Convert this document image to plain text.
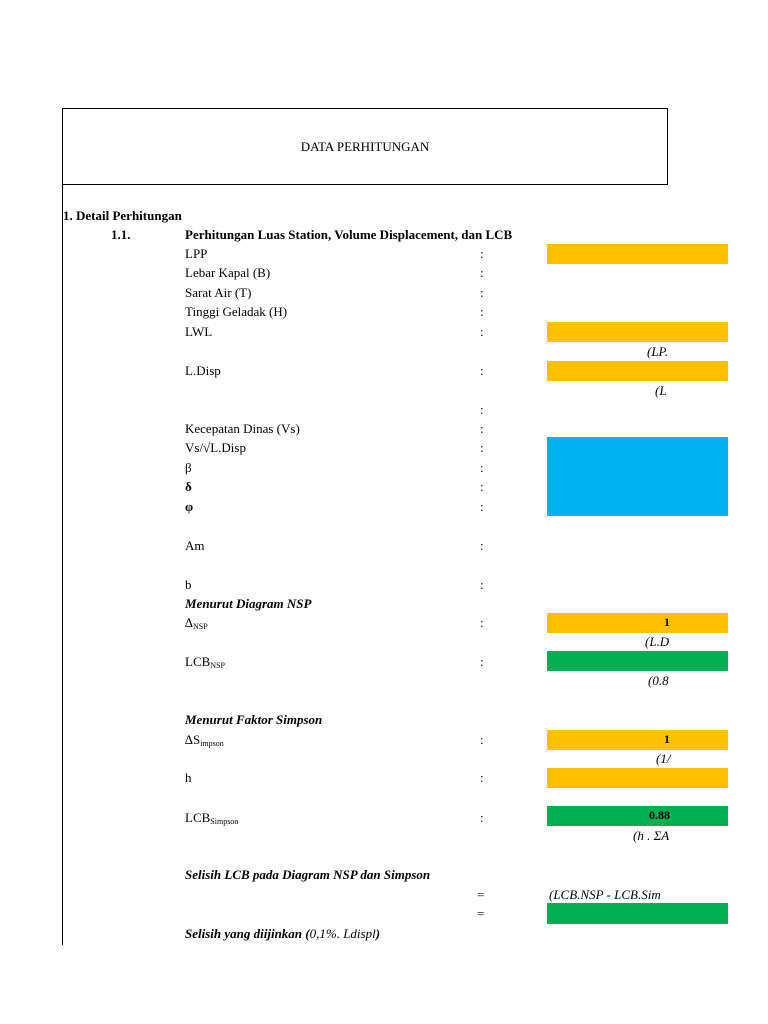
DATA PERHITUNGAN
1. Detail Perhitungan
1.1.	Perhitungan Luas Station, Volume Displacement, dan LCB
LPP
Lebar Kapal (B)
Sarat Air (T)
Tinggi Geladak (H)
LWL
L.Disp
Kecepatan Dinas (Vs)
Vs/√L.Disp
β
δ
φ
Am
b
Menurut Diagram NSP
$\Delta_{NSP}$
$LCB_{NSP}$
Menurut Faktor Simpson
$\Delta S_{impson}$
h
$LCB_{Simpson}$
Selisih LCB pada Diagram NSP dan Simpson
Selisih yang diijinkan (0,1%. Ldispl)
:
:
:
:
:
:
:
:
:
:
:
:
:
:
:
:
:
:
:
=
=
(LP.
(L
1
(L.D
(0.8
1
(1/
0.88
(h . ΣA
(LCB.NSP - LCB.Sim
